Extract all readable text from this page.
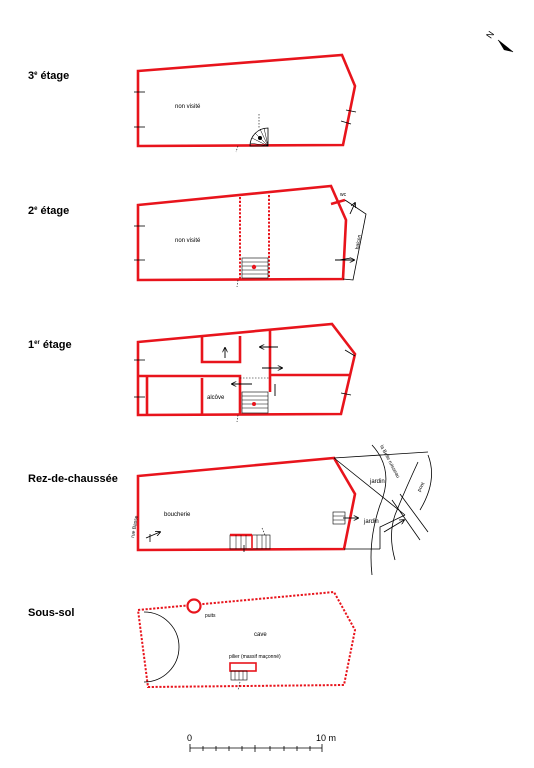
N
3e étage
non visité
2e étage
non visité
wc
balcon
1er étage
alcôve
Rez-de-chaussée
boucherie
jardin
jardin
la Belle ruisseau
pont
rue Basse
Sous-sol	puits
cave
pilier (massif maçonné)
0	10 m
